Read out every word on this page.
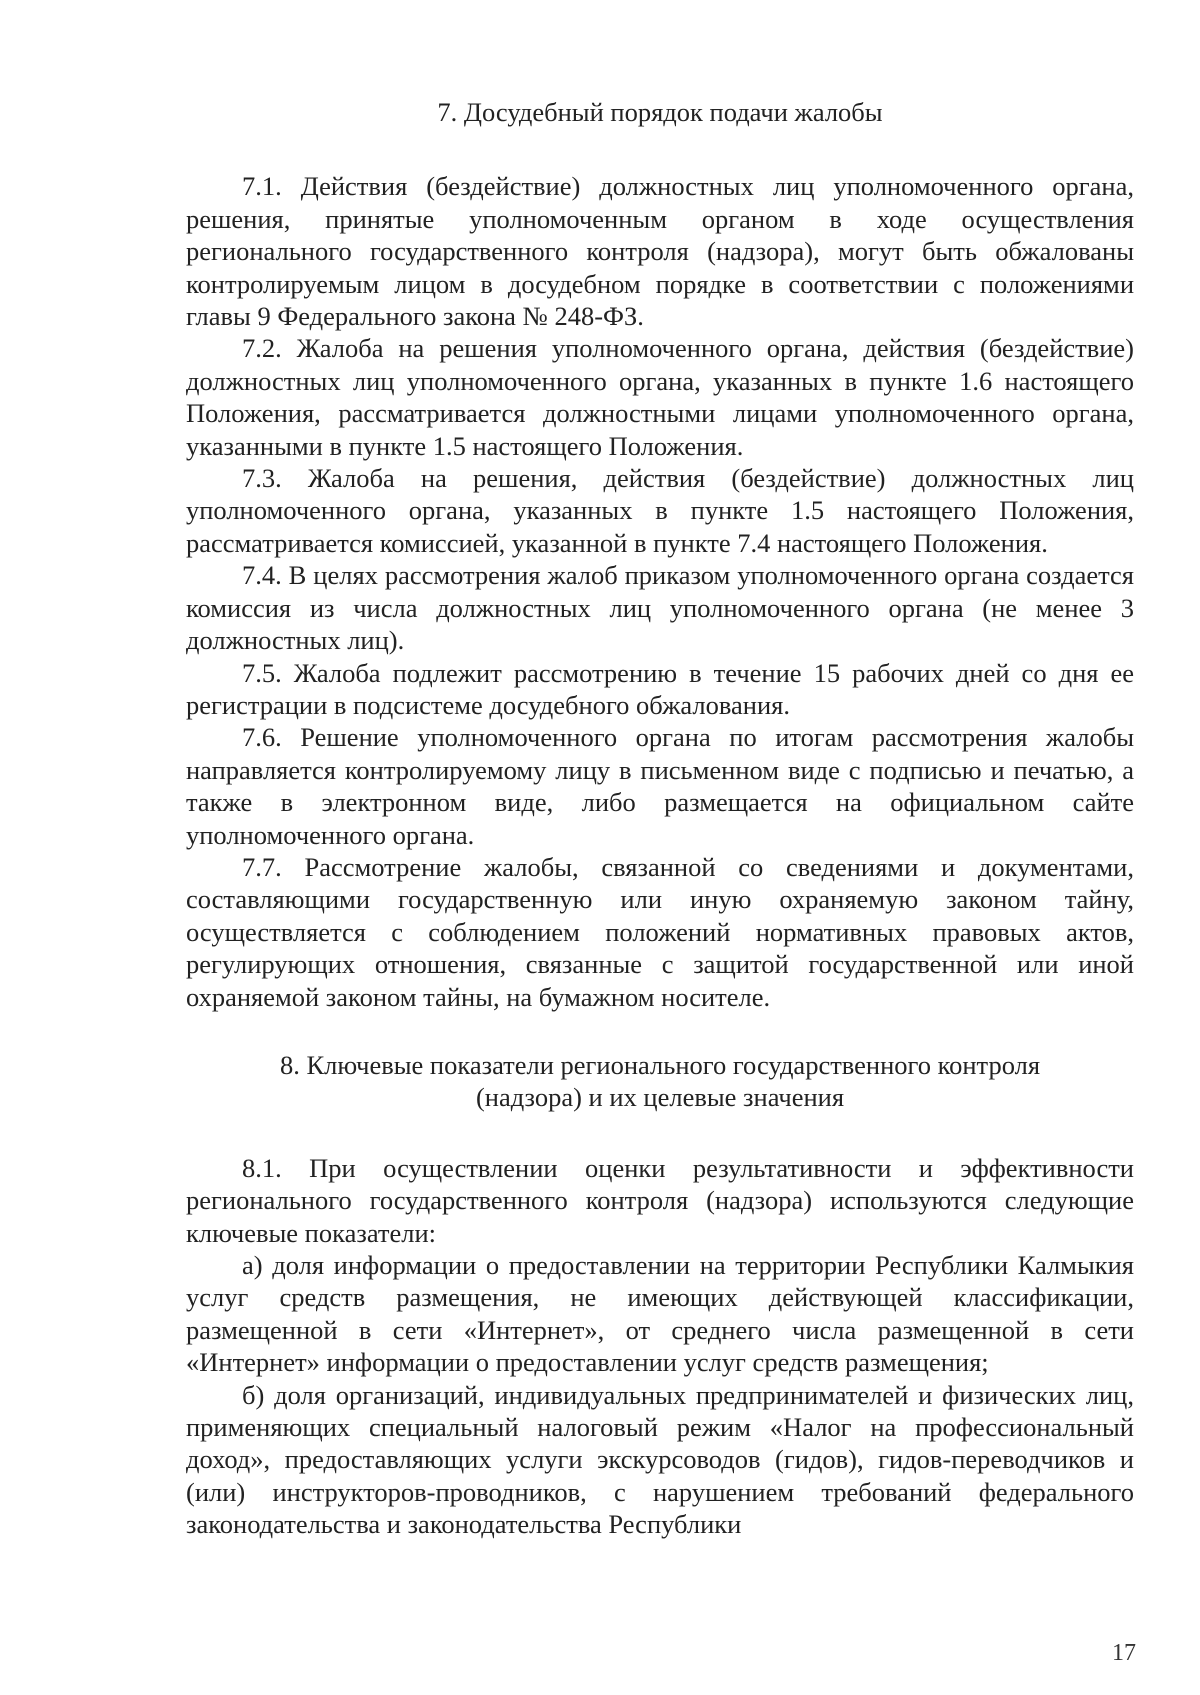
7. Досудебный порядок подачи жалобы

7.1. Действия (бездействие) должностных лиц уполномоченного органа, решения, принятые уполномоченным органом в ходе осуществления регионального государственного контроля (надзора), могут быть обжалованы контролируемым лицом в досудебном порядке в соответствии с положениями главы 9 Федерального закона № 248-ФЗ.

7.2. Жалоба на решения уполномоченного органа, действия (бездействие) должностных лиц уполномоченного органа, указанных в пункте 1.6 настоящего Положения, рассматривается должностными лицами уполномоченного органа, указанными в пункте 1.5 настоящего Положения.

7.3. Жалоба на решения, действия (бездействие) должностных лиц уполномоченного органа, указанных в пункте 1.5 настоящего Положения, рассматривается комиссией, указанной в пункте 7.4 настоящего Положения.

7.4. В целях рассмотрения жалоб приказом уполномоченного органа создается комиссия из числа должностных лиц уполномоченного органа (не менее 3 должностных лиц).

7.5. Жалоба подлежит рассмотрению в течение 15 рабочих дней со дня ее регистрации в подсистеме досудебного обжалования.

7.6. Решение уполномоченного органа по итогам рассмотрения жалобы направляется контролируемому лицу в письменном виде с подписью и печатью, а также в электронном виде, либо размещается на официальном сайте уполномоченного органа.

7.7. Рассмотрение жалобы, связанной со сведениями и документами, составляющими государственную или иную охраняемую законом тайну, осуществляется с соблюдением положений нормативных правовых актов, регулирующих отношения, связанные с защитой государственной или иной охраняемой законом тайны, на бумажном носителе.

8. Ключевые показатели регионального государственного контроля
(надзора) и их целевые значения

8.1. При осуществлении оценки результативности и эффективности регионального государственного контроля (надзора) используются следующие ключевые показатели:

а) доля информации о предоставлении на территории Республики Калмыкия услуг средств размещения, не имеющих действующей классификации, размещенной в сети «Интернет», от среднего числа размещенной в сети «Интернет» информации о предоставлении услуг средств размещения;

б) доля организаций, индивидуальных предпринимателей и физических лиц, применяющих специальный налоговый режим «Налог на профессиональный доход», предоставляющих услуги экскурсоводов (гидов), гидов-переводчиков и (или) инструкторов-проводников, с нарушением требований федерального законодательства и законодательства Республики

17
